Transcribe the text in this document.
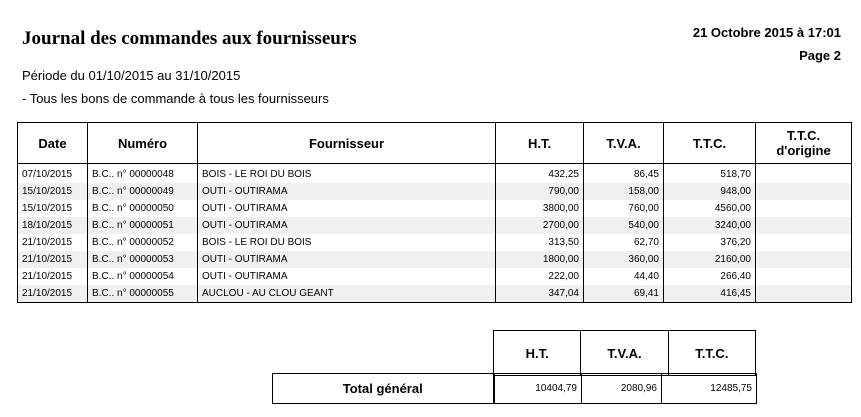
Journal des commandes aux fournisseurs	21 Octobre 2015 à 17:01
Page 2
Période du 01/10/2015 au 31/10/2015
- Tous les bons de commande à tous les fournisseurs
Date	Numéro	Fournisseur	H.T.	T.V.A.	T.T.C.	T.T.C.
d'origine
07/10/2015	B.C.. n° 00000048	BOIS - LE ROI DU BOIS	432,25	86,45	518,70	
15/10/2015	B.C.. n° 00000049	OUTI - OUTIRAMA	790,00	158,00	948,00	
15/10/2015	B.C.. n° 00000050	OUTI - OUTIRAMA	3800,00	760,00	4560,00	
18/10/2015	B.C.. n° 00000051	OUTI - OUTIRAMA	2700,00	540,00	3240,00	
21/10/2015	B.C.. n° 00000052	BOIS - LE ROI DU BOIS	313,50	62,70	376,20	
21/10/2015	B.C.. n° 00000053	OUTI - OUTIRAMA	1800,00	360,00	2160,00	
21/10/2015	B.C.. n° 00000054	OUTI - OUTIRAMA	222,00	44,40	266,40	
21/10/2015	B.C.. n° 00000055	AUCLOU - AU CLOU GEANT	347,04	69,41	416,45	
H.T.	T.V.A.	T.T.C.
Total général	10404,79	2080,96	12485,75
